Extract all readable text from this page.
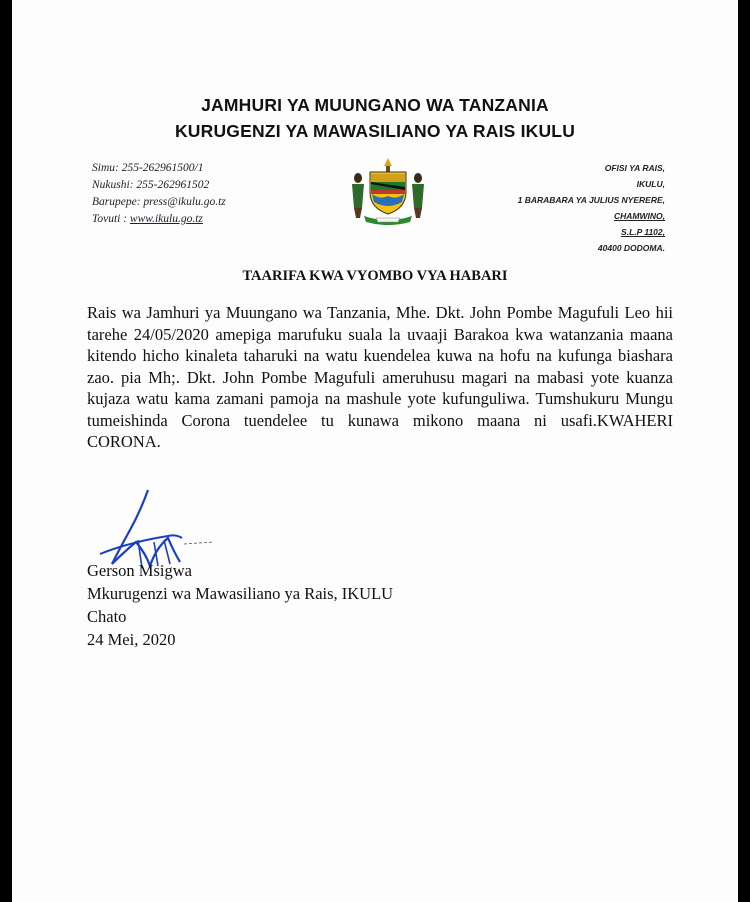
JAMHURI YA MUUNGANO WA TANZANIA
KURUGENZI YA MAWASILIANO YA RAIS IKULU
Simu: 255-262961500/1
Nukushi: 255-262961502
Barupepe: press@ikulu.go.tz
Tovuti : www.ikulu.go.tz
OFISI YA RAIS,
IKULU,
1 BARABARA YA JULIUS NYERERE,
CHAMWINO,
S.L.P 1102,
40400 DODOMA.
TAARIFA KWA VYOMBO VYA HABARI
Rais wa Jamhuri ya Muungano wa Tanzania, Mhe. Dkt. John Pombe Magufuli Leo hii tarehe 24/05/2020 amepiga marufuku suala la uvaaji Barakoa kwa watanzania maana kitendo hicho kinaleta taharuki na watu kuendelea kuwa na hofu na kufunga biashara zao. pia Mh;. Dkt. John Pombe Magufuli ameruhusu magari na mabasi yote kuanza kujaza watu kama zamani pamoja na mashule yote kufunguliwa. Tumshukuru Mungu tumeishinda Corona tuendelee tu kunawa mikono maana ni usafi.KWAHERI CORONA.
Gerson Msigwa
Mkurugenzi wa Mawasiliano ya Rais, IKULU
Chato
24 Mei, 2020
